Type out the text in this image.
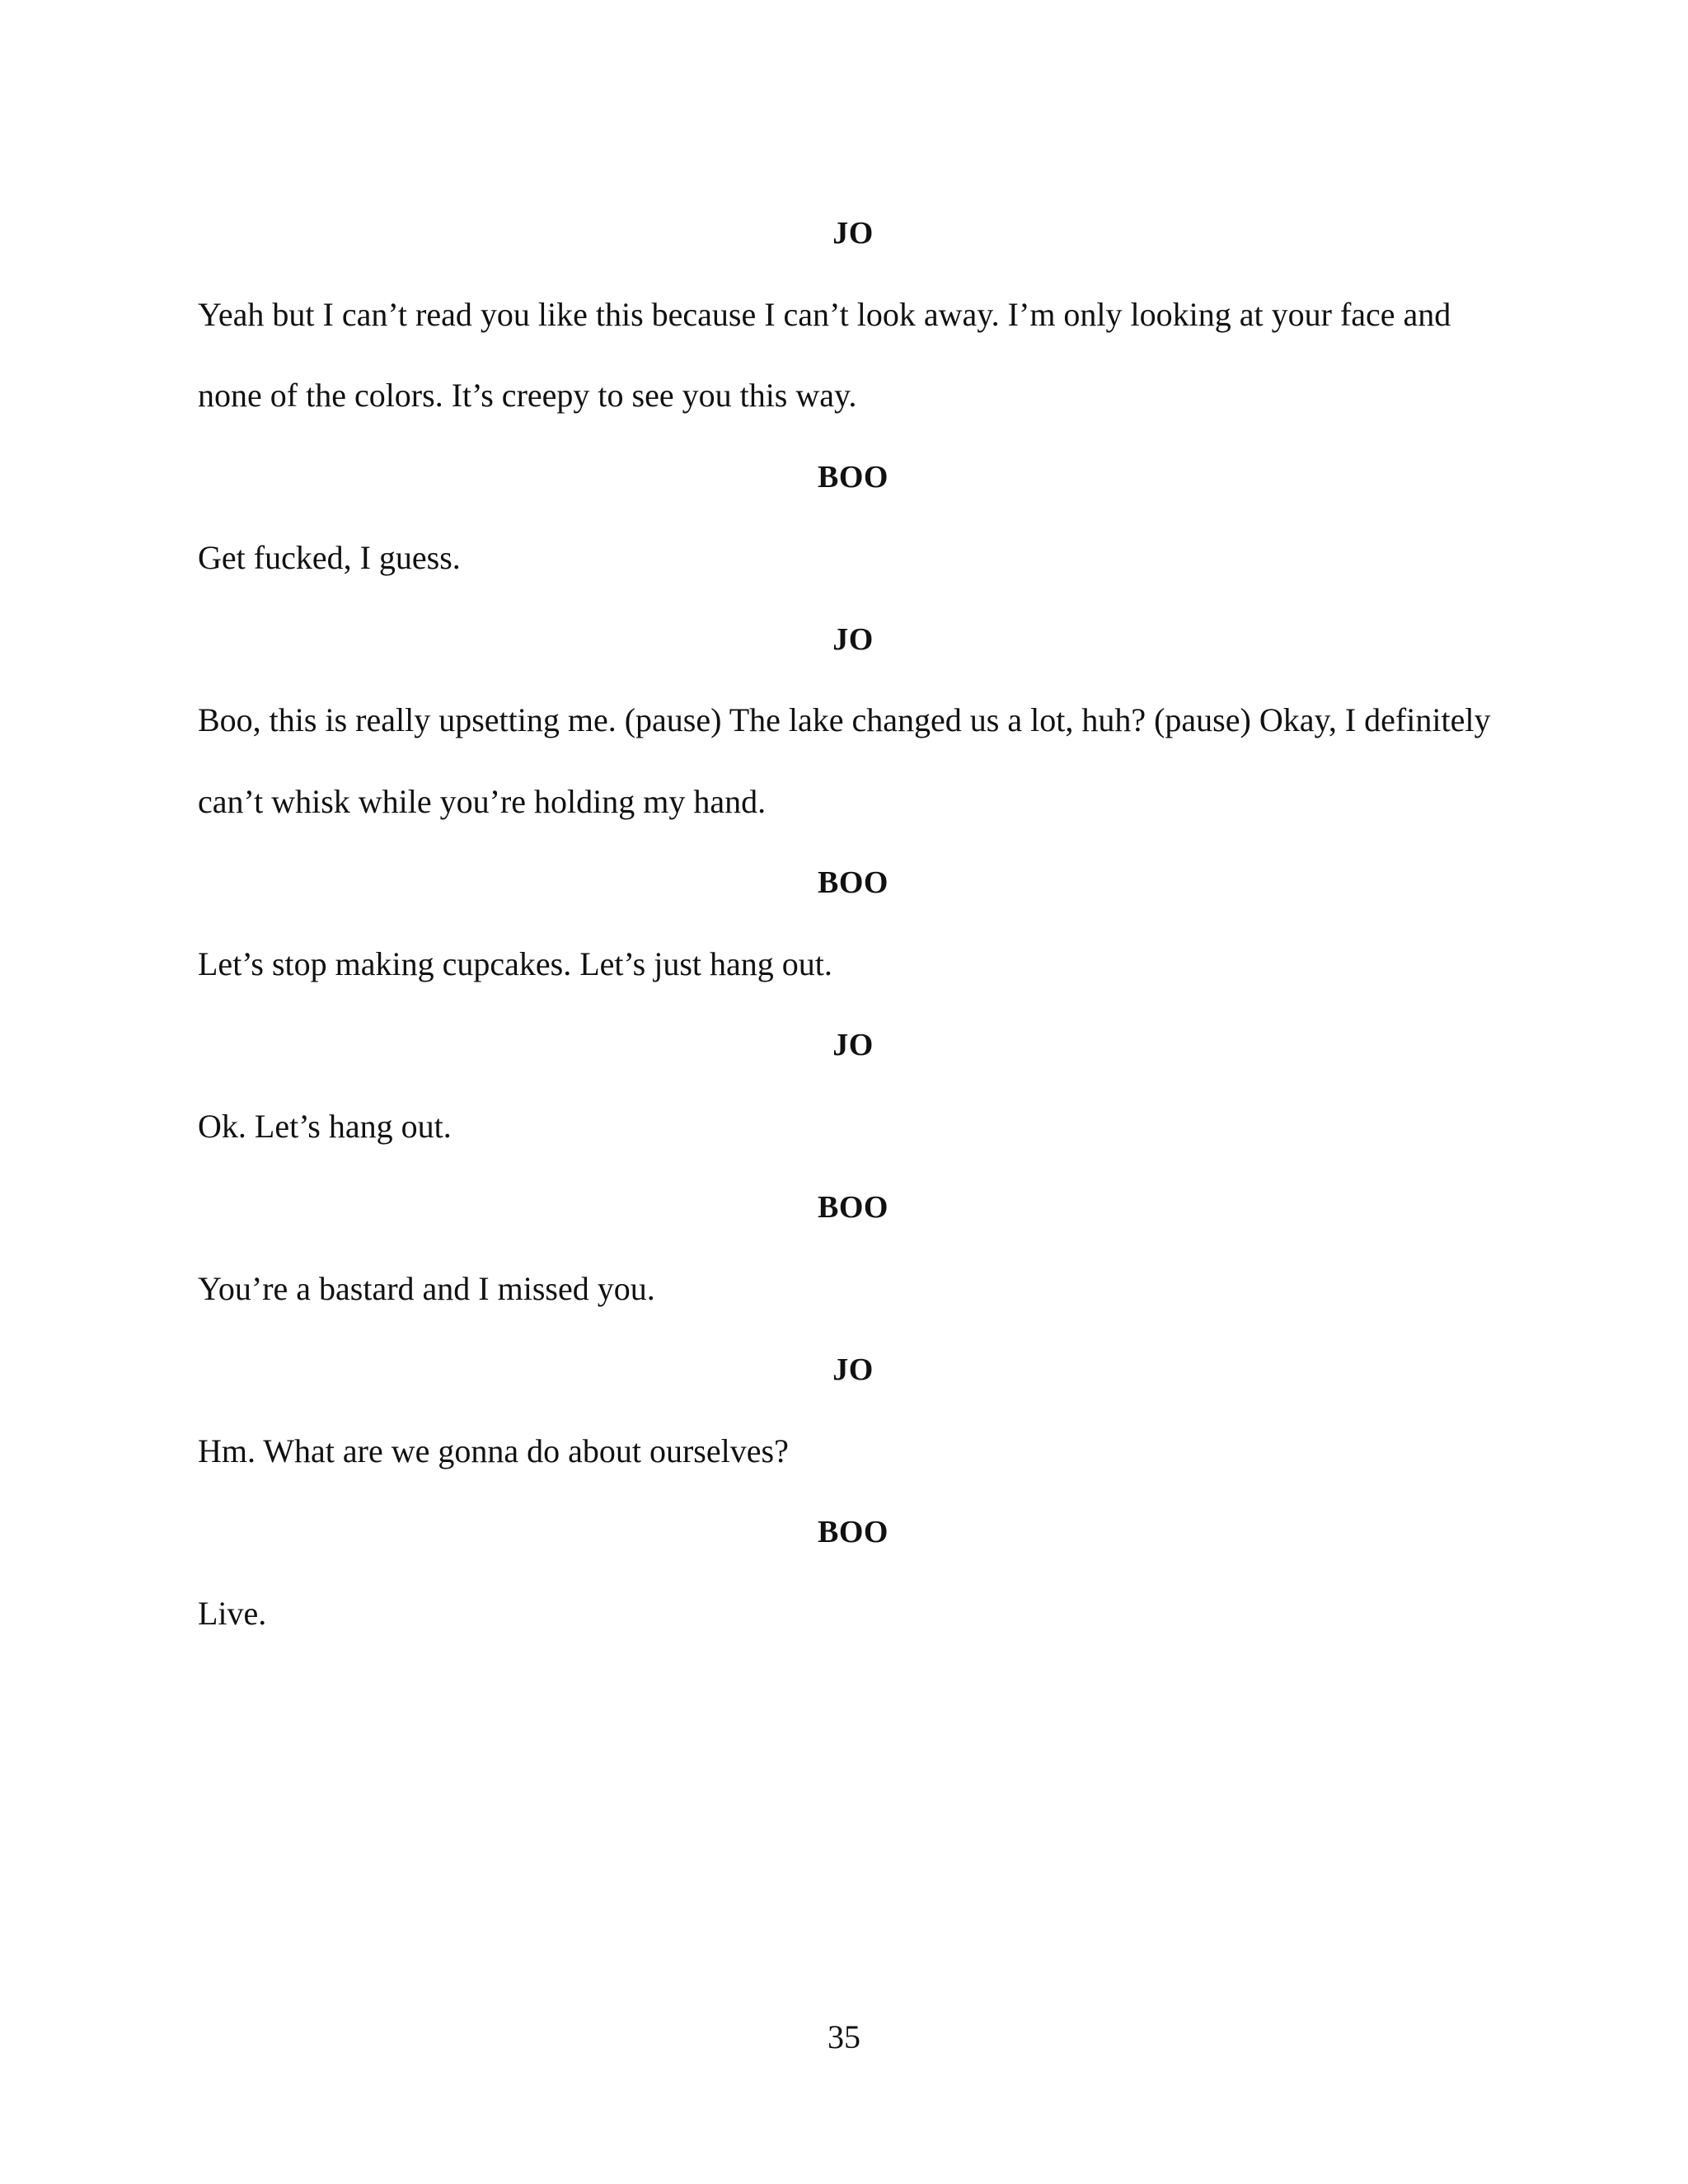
JO
Yeah but I can’t read you like this because I can’t look away. I’m only looking at your face and none of the colors. It’s creepy to see you this way.
BOO
Get fucked, I guess.
JO
Boo, this is really upsetting me. (pause) The lake changed us a lot, huh? (pause) Okay, I definitely can’t whisk while you’re holding my hand.
BOO
Let’s stop making cupcakes. Let’s just hang out.
JO
Ok. Let’s hang out.
BOO
You’re a bastard and I missed you.
JO
Hm. What are we gonna do about ourselves?
BOO
Live.
35
